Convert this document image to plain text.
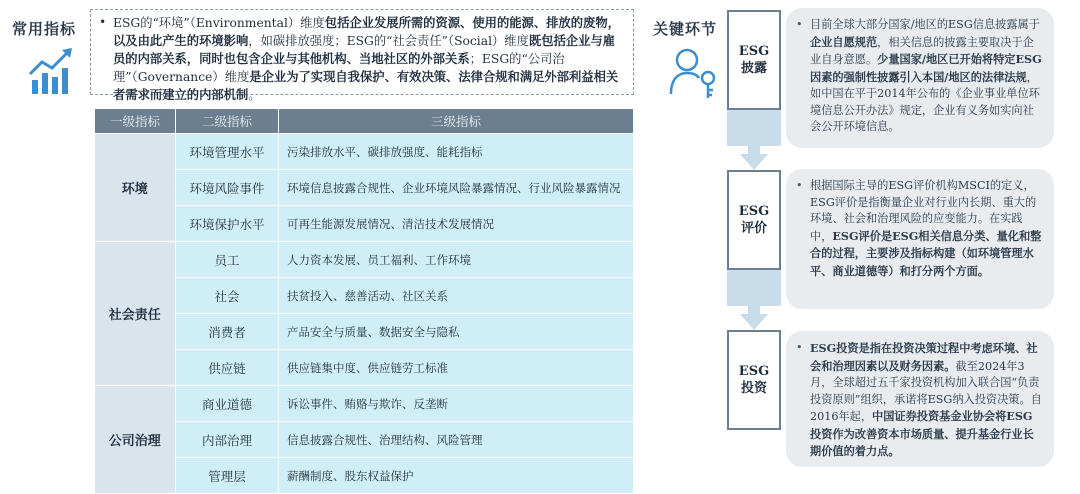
常用指标	• ESG的“环境”（Environmental）维度包括企业发展所需的资源、使用的能源、排放的废物，以及由此产生的环境影响，如碳排放强度；ESG的“社会责任”（Social）维度既包括企业与雇员的内部关系，同时也包含企业与其他机构、当地社区的外部关系；ESG的“公司治理”（Governance）维度是企业为了实现自我保护、有效决策、法律合规和满足外部利益相关者需求而建立的内部机制。
一级指标	二级指标	三级指标
环境	环境管理水平	污染排放水平、碳排放强度、能耗指标
	环境风险事件	环境信息披露合规性、企业环境风险暴露情况、行业风险暴露情况
	环境保护水平	可再生能源发展情况、清洁技术发展情况
社会责任	员工	人力资本发展、员工福利、工作环境
	社会	扶贫投入、慈善活动、社区关系
	消费者	产品安全与质量、数据安全与隐私
	供应链	供应链集中度、供应链劳工标准
公司治理	商业道德	诉讼事件、贿赂与欺诈、反垄断
	内部治理	信息披露合规性、治理结构、风险管理
	管理层	薪酬制度、股东权益保护
关键环节
ESG
披露
ESG
评价
ESG
投资
• 目前全球大部分国家/地区的ESG信息披露属于企业自愿规范，相关信息的披露主要取决于企业自身意愿。少量国家/地区已开始将特定ESG因素的强制性披露引入本国/地区的法律法规，如中国在平于2014年公布的《企业事业单位环境信息公开办法》规定，企业有义务如实向社会公开环境信息。
• 根据国际主导的ESG评价机构MSCI的定义，ESG评价是指衡量企业对行业内长期、重大的环境、社会和治理风险的应变能力。在实践中，ESG评价是ESG相关信息分类、量化和整合的过程，主要涉及指标构建（如环境管理水平、商业道德等）和打分两个方面。
• ESG投资是指在投资决策过程中考虑环境、社会和治理因素以及财务因素。截至2024年3月，全球超过五千家投资机构加入联合国“负责投资原则”组织，承诺将ESG纳入投资决策。自2016年起，中国证券投资基金业协会将ESG投资作为改善资本市场质量、提升基金行业长期价值的着力点。
